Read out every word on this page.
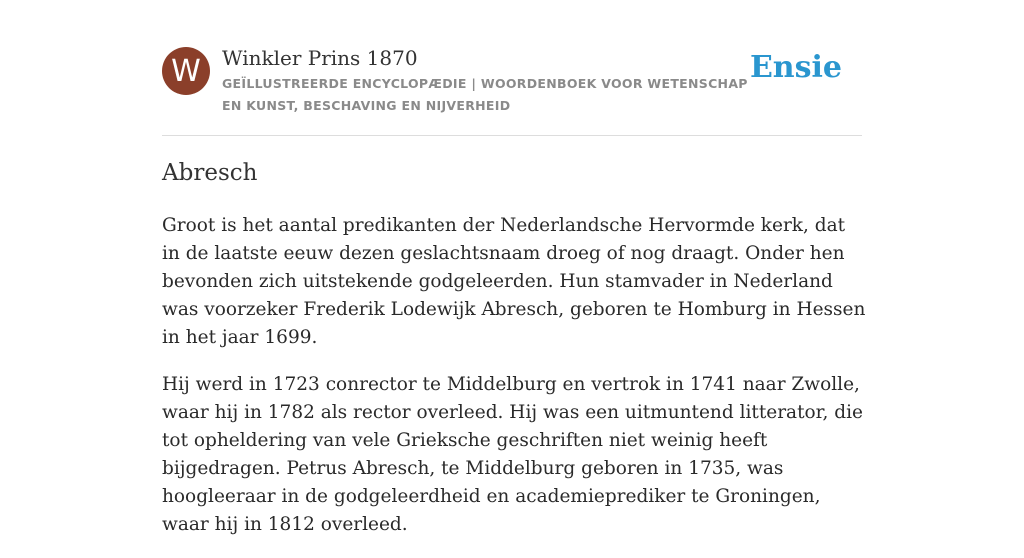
W	Winkler Prins 1870
GEÏLLUSTREERDE ENCYCLOPÆDIE | WOORDENBOEK VOOR WETENSCHAP EN KUNST, BESCHAVING EN NIJVERHEID
Ensie
Abresch

Groot is het aantal predikanten der Nederlandsche Hervormde kerk, dat in de laatste eeuw dezen geslachtsnaam droeg of nog draagt. Onder hen bevonden zich uitstekende godgeleerden. Hun stamvader in Nederland was voorzeker Frederik Lodewijk Abresch, geboren te Homburg in Hessen in het jaar 1699.

Hij werd in 1723 conrector te Middelburg en vertrok in 1741 naar Zwolle, waar hij in 1782 als rector overleed. Hij was een uitmuntend litterator, die tot opheldering van vele Grieksche geschriften niet weinig heeft bijgedragen. Petrus Abresch, te Middelburg geboren in 1735, was hoogleeraar in de godgeleerdheid en academieprediker te Groningen, waar hij in 1812 overleed.
